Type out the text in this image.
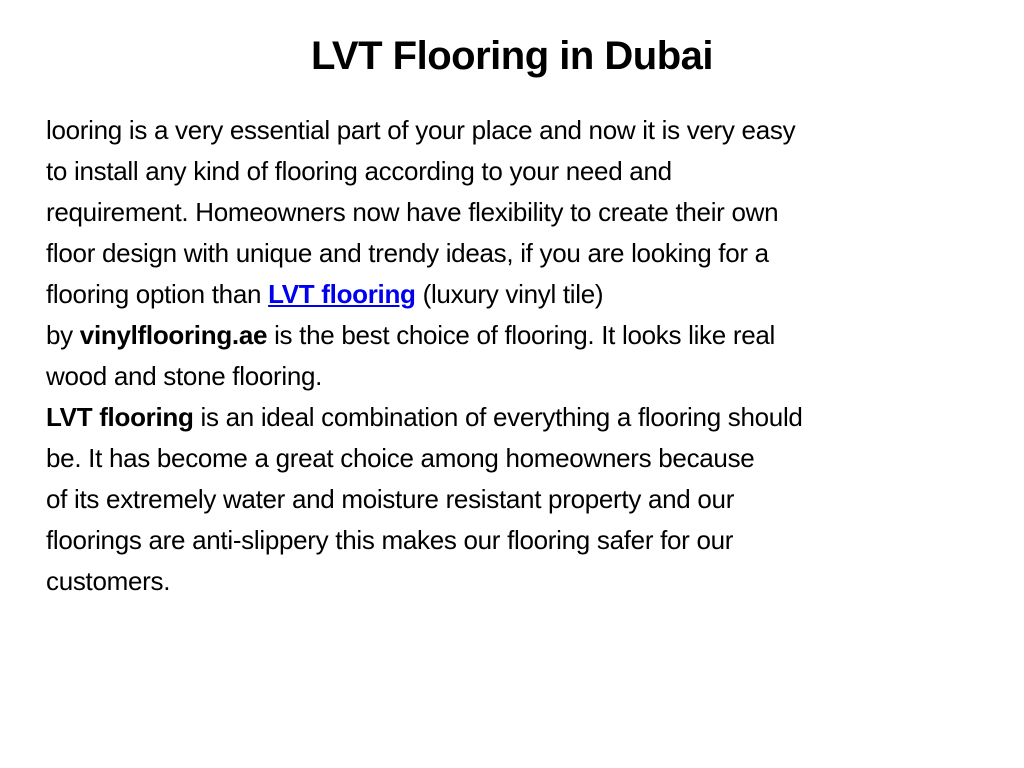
LVT Flooring in Dubai

looring is a very essential part of your place and now it is very easy
to install any kind of flooring according to your need and
requirement. Homeowners now have flexibility to create their own
floor design with unique and trendy ideas, if you are looking for a
flooring option than LVT flooring (luxury vinyl tile)
by vinylflooring.ae is the best choice of flooring. It looks like real
wood and stone flooring.

LVT flooring is an ideal combination of everything a flooring should
be. It has become a great choice among homeowners because
of its extremely water and moisture resistant property and our
floorings are anti-slippery this makes our flooring safer for our
customers.
